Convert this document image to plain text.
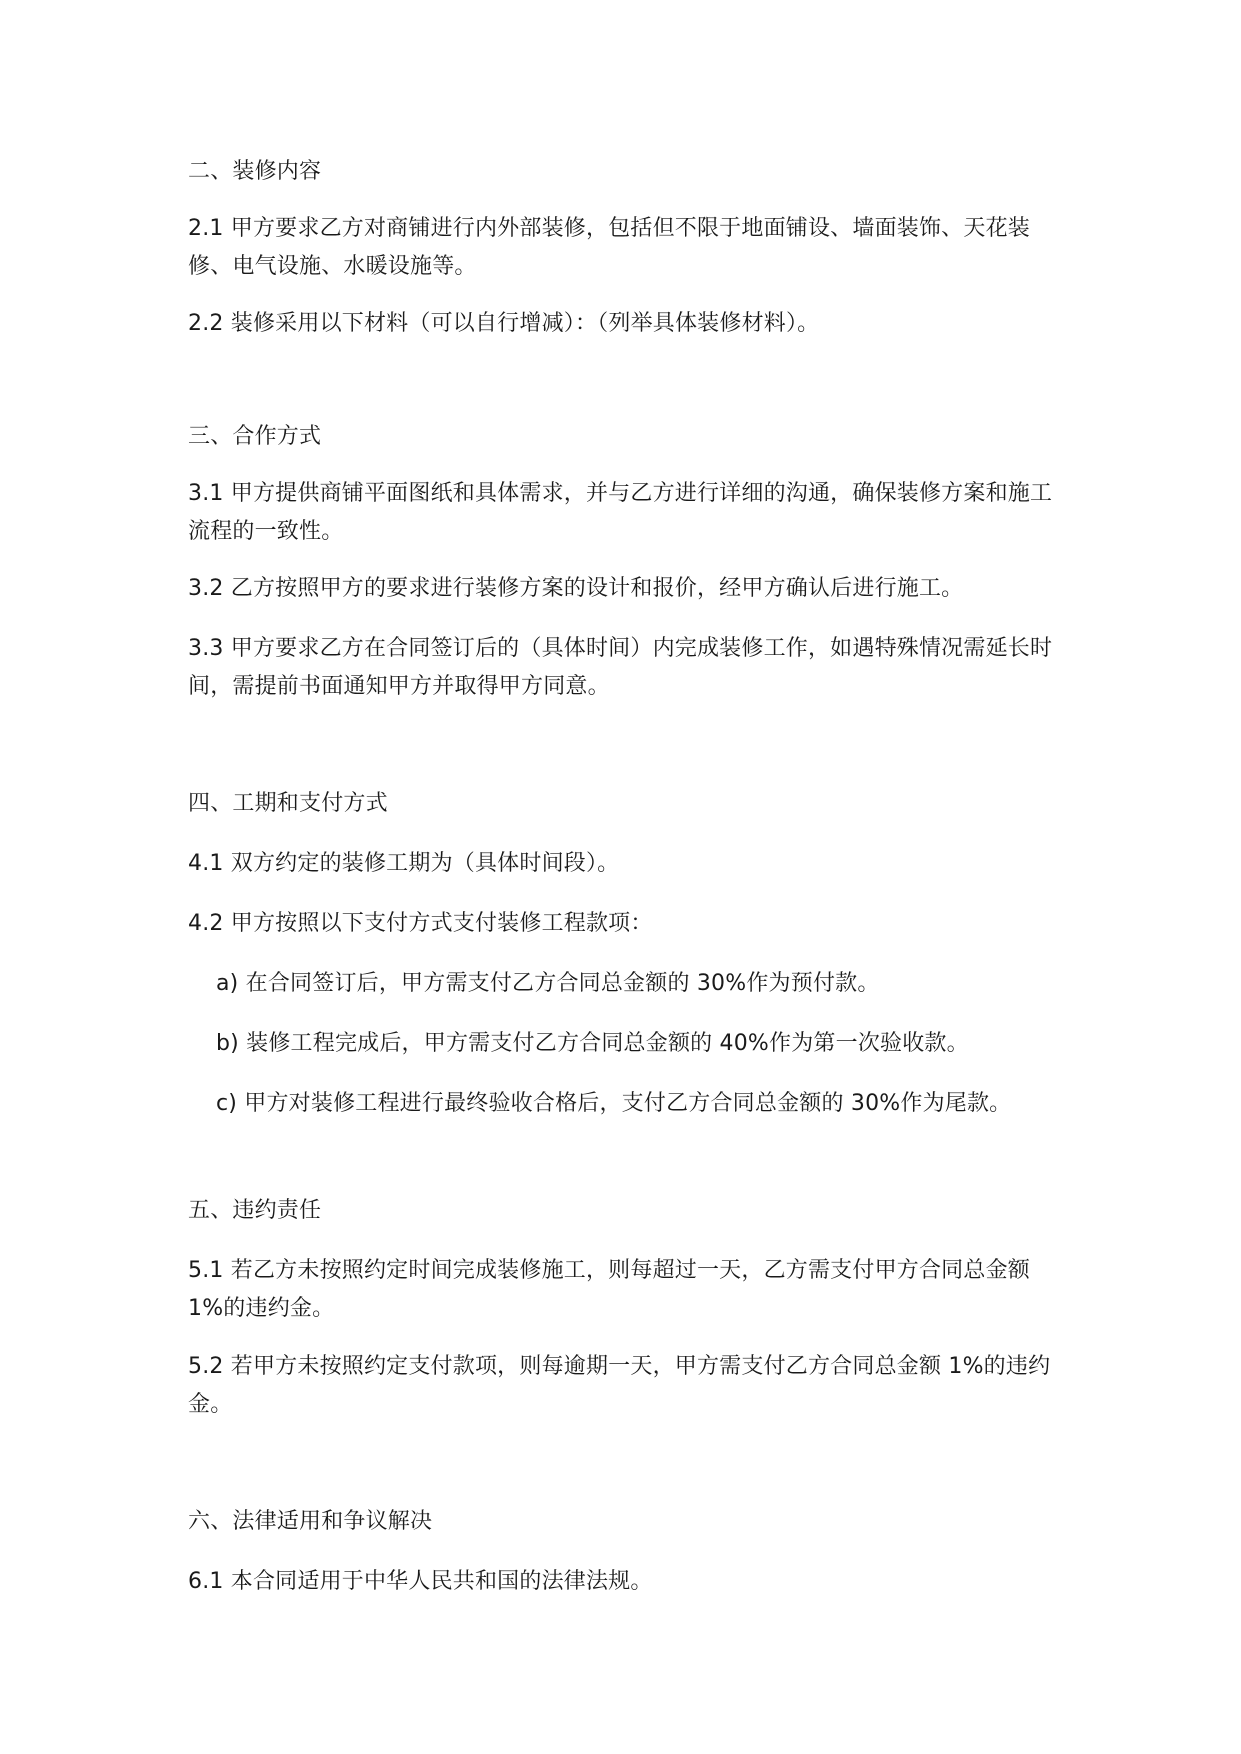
二、装修内容

2.1 甲方要求乙方对商铺进行内外部装修，包括但不限于地面铺设、墙面装饰、天花装修、电气设施、水暖设施等。

2.2 装修采用以下材料（可以自行增减）：（列举具体装修材料）。

三、合作方式

3.1 甲方提供商铺平面图纸和具体需求，并与乙方进行详细的沟通，确保装修方案和施工流程的一致性。

3.2 乙方按照甲方的要求进行装修方案的设计和报价，经甲方确认后进行施工。

3.3 甲方要求乙方在合同签订后的（具体时间）内完成装修工作，如遇特殊情况需延长时间，需提前书面通知甲方并取得甲方同意。

四、工期和支付方式

4.1 双方约定的装修工期为（具体时间段）。

4.2 甲方按照以下支付方式支付装修工程款项：

a) 在合同签订后，甲方需支付乙方合同总金额的 30%作为预付款。

b) 装修工程完成后，甲方需支付乙方合同总金额的 40%作为第一次验收款。

c) 甲方对装修工程进行最终验收合格后，支付乙方合同总金额的 30%作为尾款。

五、违约责任

5.1 若乙方未按照约定时间完成装修施工，则每超过一天，乙方需支付甲方合同总金额 1%的违约金。

5.2 若甲方未按照约定支付款项，则每逾期一天，甲方需支付乙方合同总金额 1%的违约金。

六、法律适用和争议解决

6.1 本合同适用于中华人民共和国的法律法规。
